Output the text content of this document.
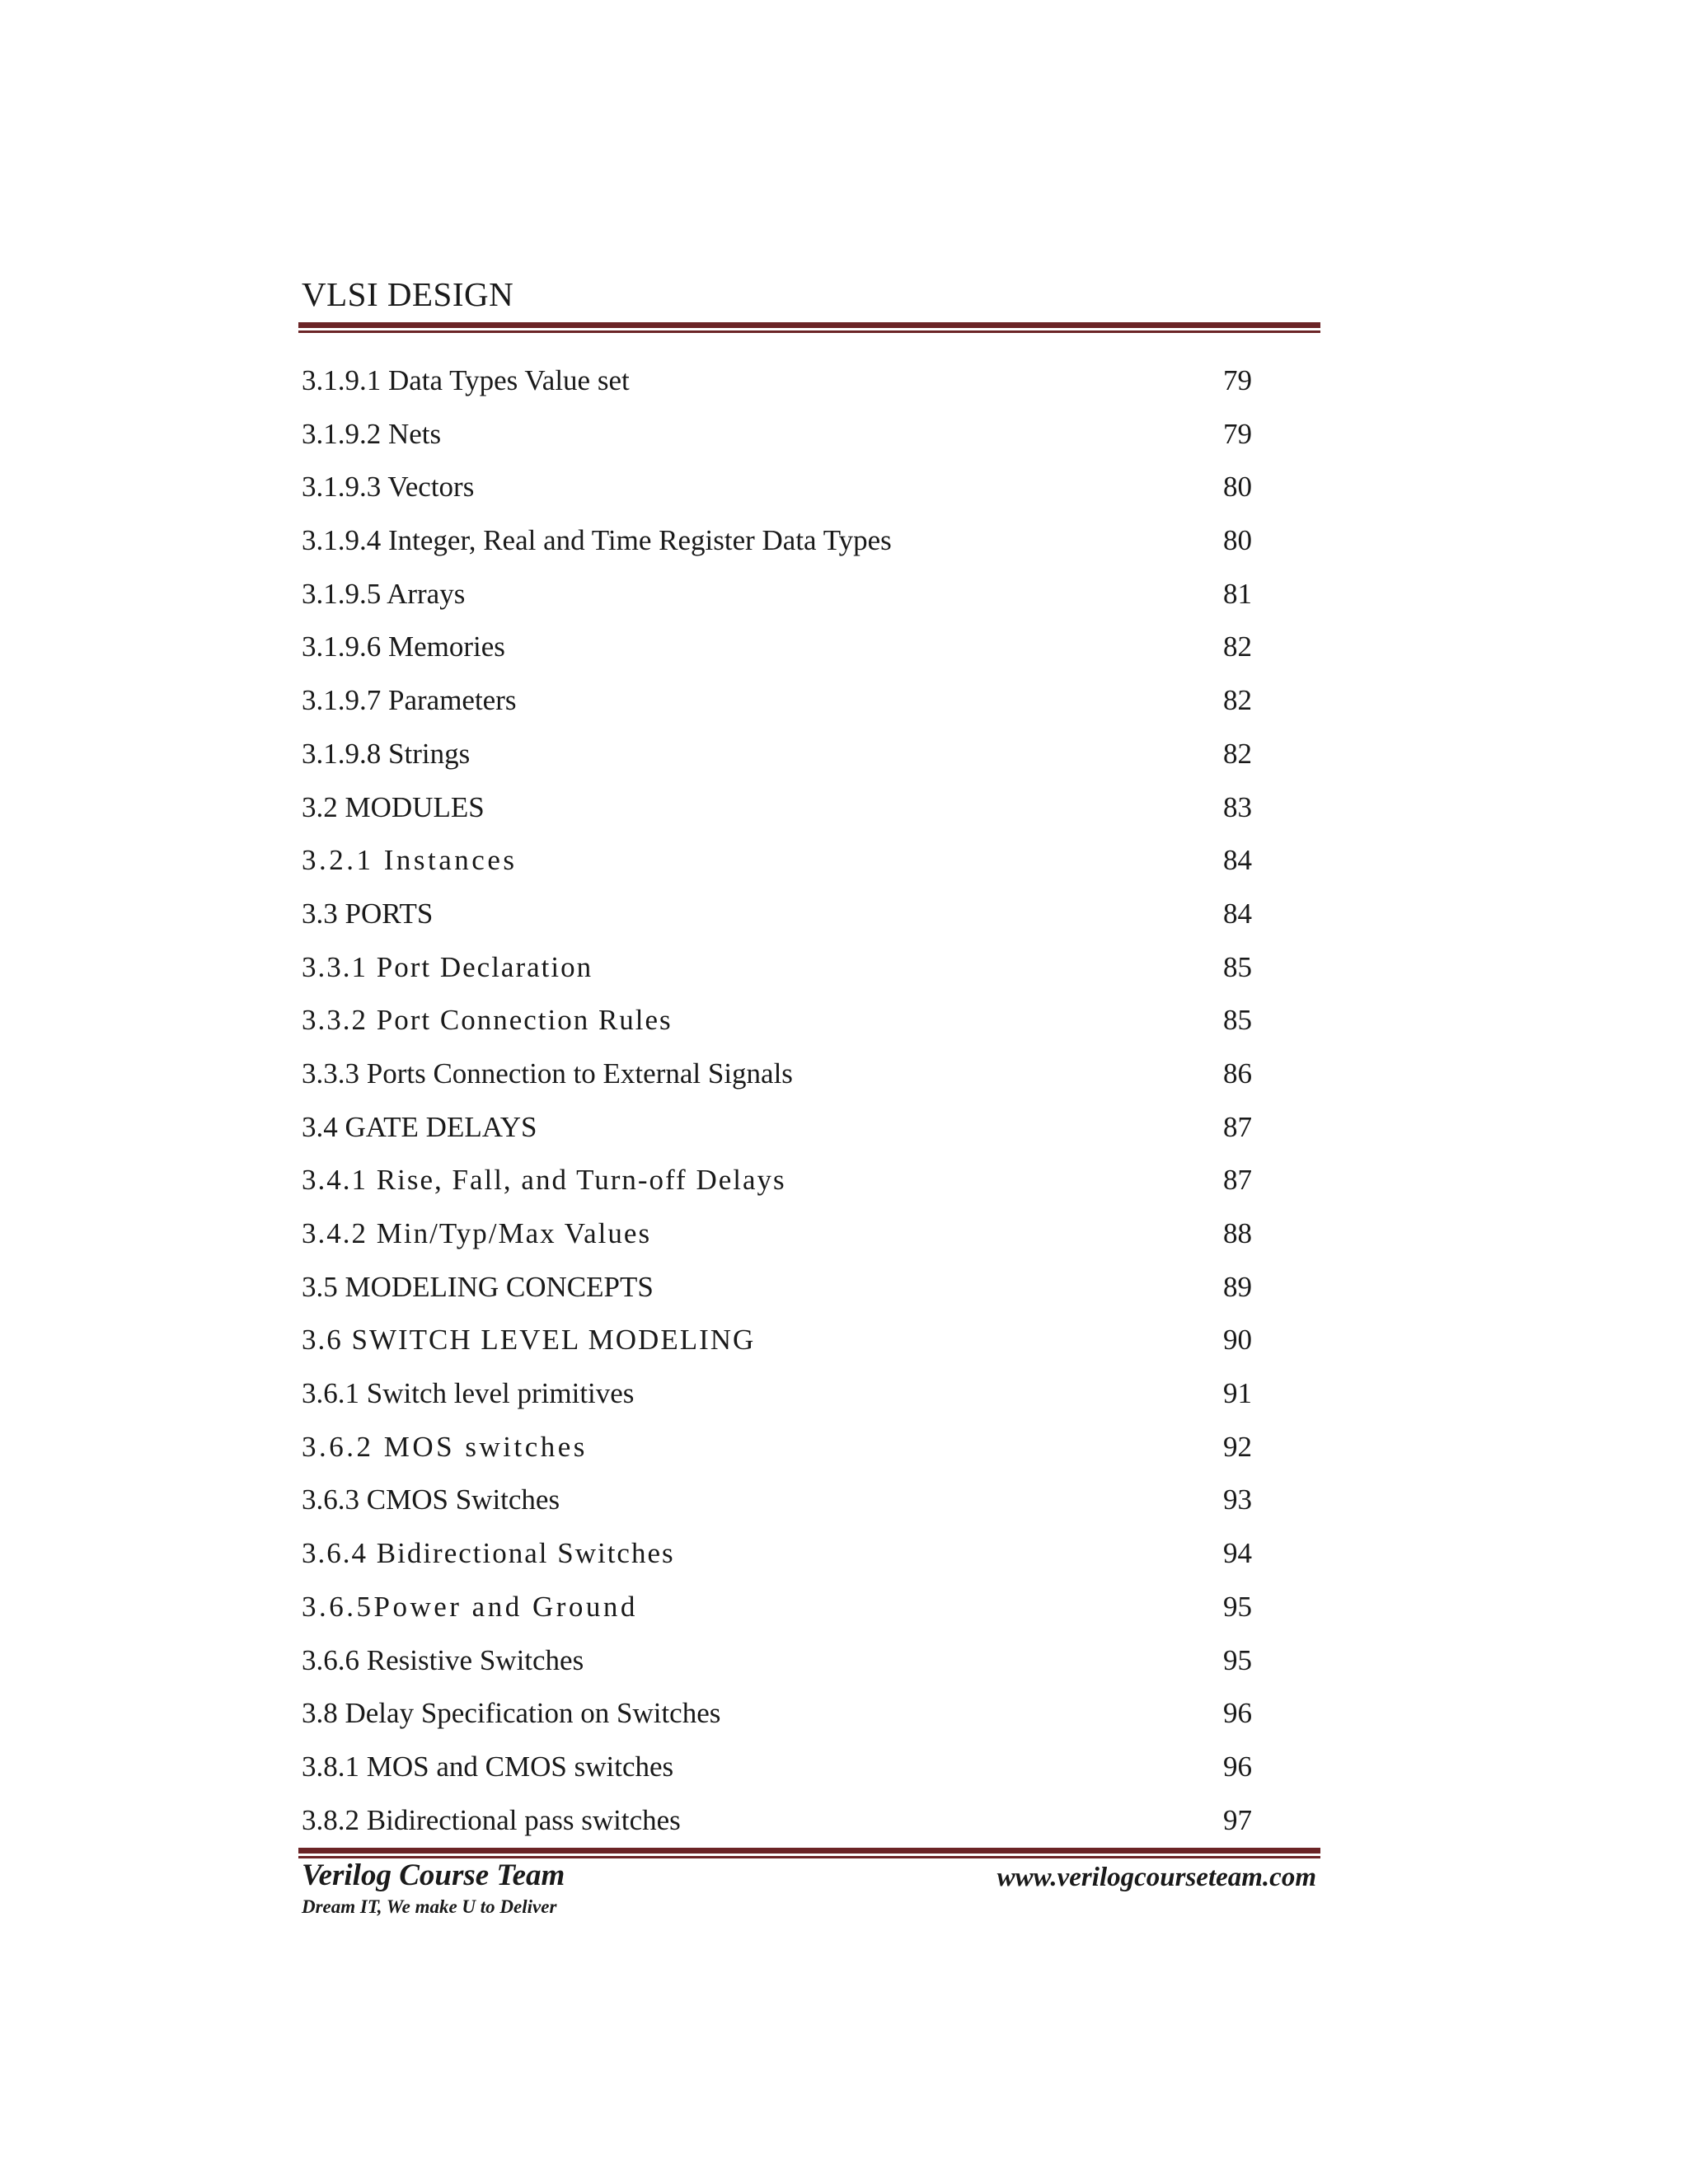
VLSI DESIGN
3.1.9.1 Data Types Value set	79
3.1.9.2 Nets	79
3.1.9.3 Vectors	80
3.1.9.4 Integer, Real and Time Register Data Types	80
3.1.9.5 Arrays	81
3.1.9.6 Memories	82
3.1.9.7 Parameters	82
3.1.9.8 Strings	82
3.2 MODULES	83
3.2.1 Instances	84
3.3 PORTS	84
3.3.1 Port Declaration	85
3.3.2 Port Connection Rules	85
3.3.3 Ports Connection to External Signals	86
3.4 GATE DELAYS	87
3.4.1 Rise, Fall, and Turn-off Delays	87
3.4.2 Min/Typ/Max Values	88
3.5 MODELING CONCEPTS	89
3.6 SWITCH LEVEL MODELING	90
3.6.1 Switch level primitives	91
3.6.2 MOS switches	92
3.6.3 CMOS Switches	93
3.6.4 Bidirectional Switches	94
3.6.5Power and Ground	95
3.6.6 Resistive Switches	95
3.8 Delay Specification on Switches	96
3.8.1 MOS and CMOS switches	96
3.8.2 Bidirectional pass switches	97
Verilog Course Team
Dream IT, We make U to Deliver
www.verilogcourseteam.com
